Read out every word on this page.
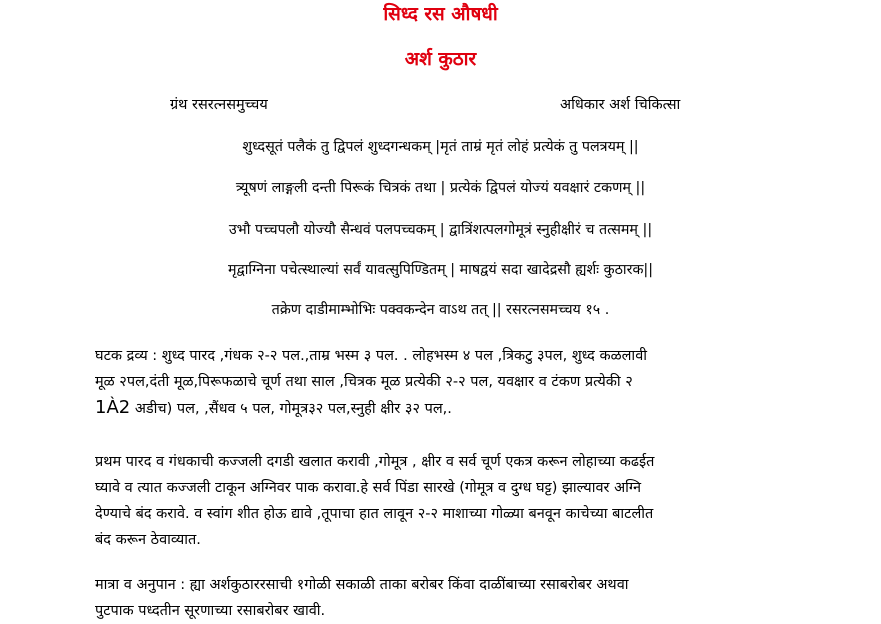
सिध्द रस औषधी
अर्श कुठार
ग्रंथ रसरत्नसमुच्चय	अधिकार अर्श चिकित्सा
शुध्दसूतं पलैकं तु द्विपलं शुध्दगन्धकम् |मृतं ताम्रं मृतं लोहं प्रत्येकं तु पलत्रयम् ||
त्र्यूषणं लाङ्गली दन्ती पिरूकं चित्रकं तथा | प्रत्येकं द्विपलं योज्यं यवक्षारं टकणम् ||
उभौ पच्चपलौ योज्यौ सैन्धवं पलपच्चकम् | द्वात्रिंशत्पलगोमूत्रं स्नुहीक्षीरं च तत्समम् ||
मृद्वाग्निना पचेत्स्थाल्यां सर्वं यावत्सुपिण्डितम् | माषद्वयं सदा खादेद्रसौ ह्यर्शः कुठारक||
तक्रेण दाडीमाम्भोभिः पक्वकन्देन वाऽथ तत् || रसरत्नसमच्चय १५ .
घटक द्रव्य : शुध्द पारद ,गंधक २-२ पल.,ताम्र भस्म ३ पल. . लोहभस्म ४ पल ,त्रिकटु ३पल, शुध्द कळलावी
मूळ २पल,दंती मूळ,पिरूफळाचे चूर्ण तथा साल ,चित्रक मूळ प्रत्येकी २-२ पल, यवक्षार व टंकण प्रत्येकी २
1À2 अडीच) पल, ,सैंधव ५ पल, गोमूत्र३२ पल,स्नुही क्षीर ३२ पल,.
प्रथम पारद व गंधकाची कज्जली दगडी खलात करावी ,गोमूत्र , क्षीर व सर्व चूर्ण एकत्र करून लोहाच्या कढईत
घ्यावे व त्यात कज्जली टाकून अग्निवर पाक करावा.हे सर्व पिंडा सारखे (गोमूत्र व दुग्ध घट्ट) झाल्यावर अग्नि
देण्याचे बंद करावे. व स्वांग शीत होऊ द्यावे ,तूपाचा हात लावून २-२ माशाच्या गोळ्या बनवून काचेच्या बाटलीत
बंद करून ठेवाव्यात.
मात्रा व अनुपान : ह्या अर्शकुठाररसाची १गोळी सकाळी ताका बरोबर किंवा दाळींबाच्या रसाबरोबर अथवा
पुटपाक पध्दतीन सूरणाच्या रसाबरोबर खावी.
